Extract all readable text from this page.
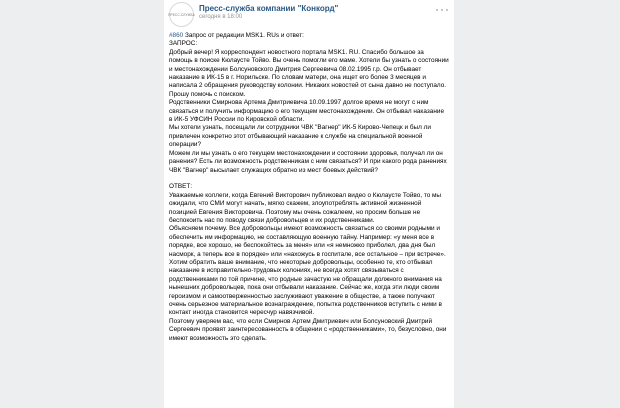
ПРЕСС-СЛУЖБА
Пресс-служба компании "Конкорд"
сегодня в 18:00

#860 Запрос от редакции MSK1. RUs и ответ:

ЗАПРОС:

Добрый вечер! Я корреспондент новостного портала MSK1. RU. Спасибо большое за помощь в поиске Кюлаусте Тойво. Вы очень помогли его маме. Хотели бы узнать о состоянии и местонахождении Болсуновского Дмитрия Сергеевича 08.02.1995 г.р. Он отбывает наказание в ИК-15 в г. Норильске. По словам матери, она ищет его более 3 месяцев и написала 2 обращения руководству колонии. Никаких новостей от сына давно не поступало. Прошу помочь с поиском.

Родственники Смирнова Артема Дмитриевича 10.09.1997 долгое время не могут с ним связаться и получить информацию о его текущем местонахождении. Он отбывал наказание в ИК-5 УФСИН России по Кировской области.

Мы хотели узнать, посещали ли сотрудники ЧВК "Вагнер" ИК-5 Кирово-Чепецк и был ли привлечен конкретно этот отбывающий наказание к службе на специальной военной операции?

Можем ли мы узнать о его текущем местонахождении и состоянии здоровья, получал ли он ранения? Есть ли возможность родственникам с ним связаться? И при какого рода ранениях ЧВК "Вагнер" высылает служащих обратно из мест боевых действий?

ОТВЕТ:

Уважаемые коллеги, когда Евгений Викторович публиковал видео о Кюлаусте Тойво, то мы ожидали, что СМИ могут начать, мягко скажем, злоупотреблять активной жизненной позицией Евгения Викторовича. Поэтому мы очень сожалеем, но просим больше не беспокоить нас по поводу связи добровольцев и их родственниками.

Объясняем почему. Все добровольцы имеют возможность связаться со своими родными и обеспечить им информацию, не составляющую военную тайну. Например: «у меня все в порядке, все хорошо, не беспокойтесь за меня» или «я немножко приболел, два дня был насморк, а теперь все в порядке» или «нахожусь в госпитале, все остальное – при встрече».

Хотим обратить ваше внимание, что некоторые добровольцы, особенно те, кто отбывал наказание в исправительно-трудовых колониях, не всегда хотят связываться с родственниками по той причине, что родные зачастую не обращали должного внимания на нынешних добровольцев, пока они отбывали наказание. Сейчас же, когда эти люди своим героизмом и самоотверженностью заслуживают уважение в обществе, а также получают очень серьезное материальное вознаграждение, попытка родственников вступить с ними в контакт иногда становится чересчур навязчивой.

Поэтому уверяем вас, что если Смирнов Артем Дмитриевич или Болсуновский Дмитрий Сергеевич проявят заинтересованность в общении с «родственниками», то, безусловно, они имеют возможность это сделать.
